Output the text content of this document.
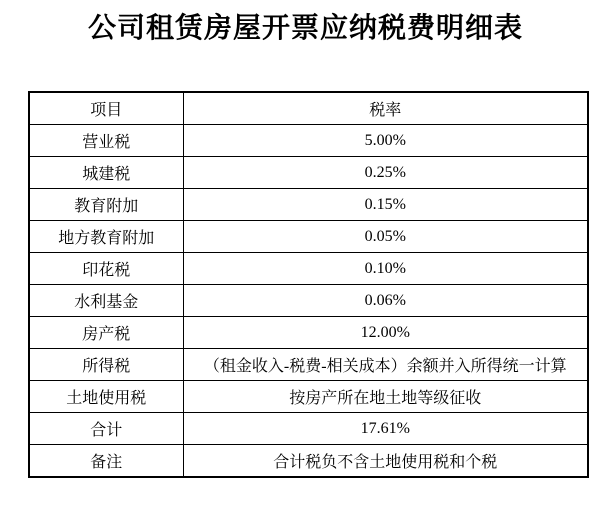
公司租赁房屋开票应纳税费明细表
项目	税率
营业税	5.00%
城建税	0.25%
教育附加	0.15%
地方教育附加	0.05%
印花税	0.10%
水利基金	0.06%
房产税	12.00%
所得税	（租金收入-税费-相关成本）余额并入所得统一计算
土地使用税	按房产所在地土地等级征收
合计	17.61%
备注	合计税负不含土地使用税和个税
